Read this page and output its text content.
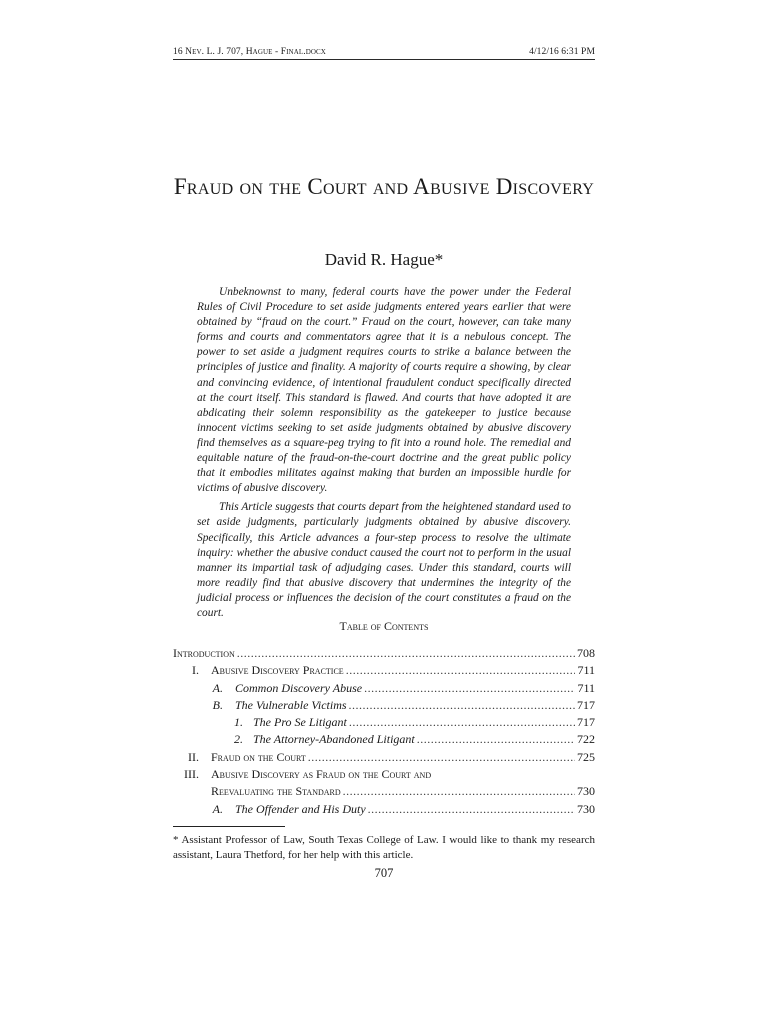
16 Nev. L. J. 707, Hague - Final.docx	4/12/16 6:31 PM
Fraud on the Court and Abusive Discovery
David R. Hague*

Unbeknownst to many, federal courts have the power under the Federal Rules of Civil Procedure to set aside judgments entered years earlier that were obtained by “fraud on the court.” Fraud on the court, however, can take many forms and courts and commentators agree that it is a nebulous concept. The power to set aside a judgment requires courts to strike a balance between the principles of justice and finality. A majority of courts require a showing, by clear and convincing evidence, of intentional fraudulent conduct specifically directed at the court itself. This standard is flawed. And courts that have adopted it are abdicating their solemn responsibility as the gatekeeper to justice because innocent victims seeking to set aside judgments obtained by abusive discovery find themselves as a square-peg trying to fit into a round hole. The remedial and equitable nature of the fraud-on-the-court doctrine and the great public policy that it embodies militates against making that burden an impossible hurdle for victims of abusive discovery.

This Article suggests that courts depart from the heightened standard used to set aside judgments, particularly judgments obtained by abusive discovery. Specifically, this Article advances a four-step process to resolve the ultimate inquiry: whether the abusive conduct caused the court not to perform in the usual manner its impartial task of adjudging cases. Under this standard, courts will more readily find that abusive discovery that undermines the integrity of the judicial process or influences the decision of the court constitutes a fraud on the court.

Table of Contents
Introduction .....	708
I. Abusive Discovery Practice .....	711
A. Common Discovery Abuse .....	711
B. The Vulnerable Victims .....	717
1. The Pro Se Litigant .....	717
2. The Attorney-Abandoned Litigant .....	722
II. Fraud on the Court .....	725
III. Abusive Discovery as Fraud on the Court and
Reevaluating the Standard .....	730
A. The Offender and His Duty .....	730

* Assistant Professor of Law, South Texas College of Law. I would like to thank my research assistant, Laura Thetford, for her help with this article.

707
